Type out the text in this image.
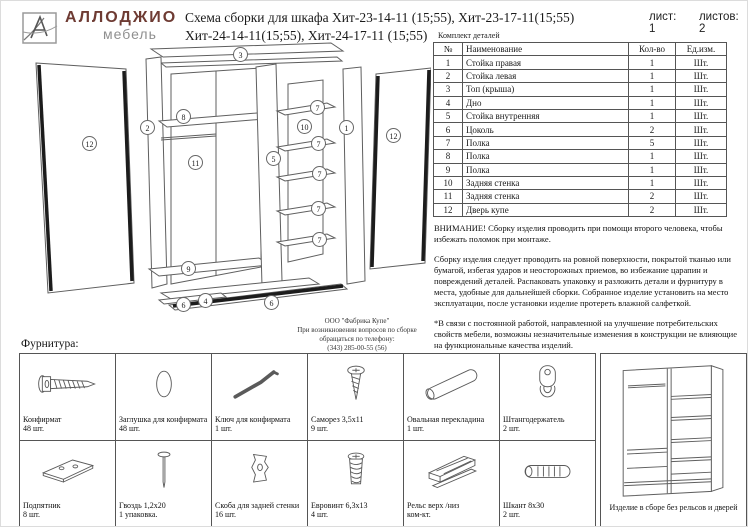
АЛЛОДЖИО
мебель
Схема сборки для шкафа Хит-23-14-11 (15;55), Хит-23-17-11(15;55)
Хит-24-14-11(15;55), Хит-24-17-11 (15;55)
лист: 1
листов: 2
Комплект деталей
№	Наименование	Кол-во	Ед.изм.
1	Стойка правая	1	Шт.
2	Стойка левая	1	Шт.
3	Топ (крыша)	1	Шт.
4	Дно	1	Шт.
5	Стойка внутренняя	1	Шт.
6	Цоколь	2	Шт.
7	Полка	5	Шт.
8	Полка	1	Шт.
9	Полка	1	Шт.
10	Задняя стенка	1	Шт.
11	Задняя стенка	2	Шт.
12	Дверь купе	2	Шт.
3
12
2
8
11
10
7
7
7
7
7
5
1
12
9
6	4	6
ООО "Фабрика Купе"
При возникновении вопросов по сборке
обращаться по телефону:
(343) 285-00-55 (56)
ВНИМАНИЕ! Сборку изделия проводить при помощи второго человека, чтобы избежать поломок при монтаже.
Сборку изделия следует проводить на ровной поверхности, покрытой тканью или бумагой, избегая ударов и неосторожных приемов, во избежание царапин и повреждений деталей. Распаковать упаковку и разложить детали и фурнитуру в места, удобные для дальнейшей сборки. Собранное изделие установить на место эксплуатации, после установки изделие протереть влажной салфеткой.
*В связи с постоянной работой, направленной на улучшение потребительских свойств мебели, возможны незначительные изменения в конструкции не влияющие на функциональные качества изделий.
Фурнитура:
Конфирмат
48 шт.
Заглушка для конфирмата
48 шт.
Ключ для конфирмата
1 шт.
Саморез 3,5х11
9 шт.
Овальная перекладина
1 шт.
Штангодержатель
2 шт.
Подпятник
8 шт.
Гвоздь 1,2х20
1 упаковка.
Скоба для задней стенки
16 шт.
Евровинт 6,3х13
4 шт.
Рельс верх /низ
ком-кт.
Шкант 8х30
2 шт.
Изделие в сборе без рельсов и дверей
